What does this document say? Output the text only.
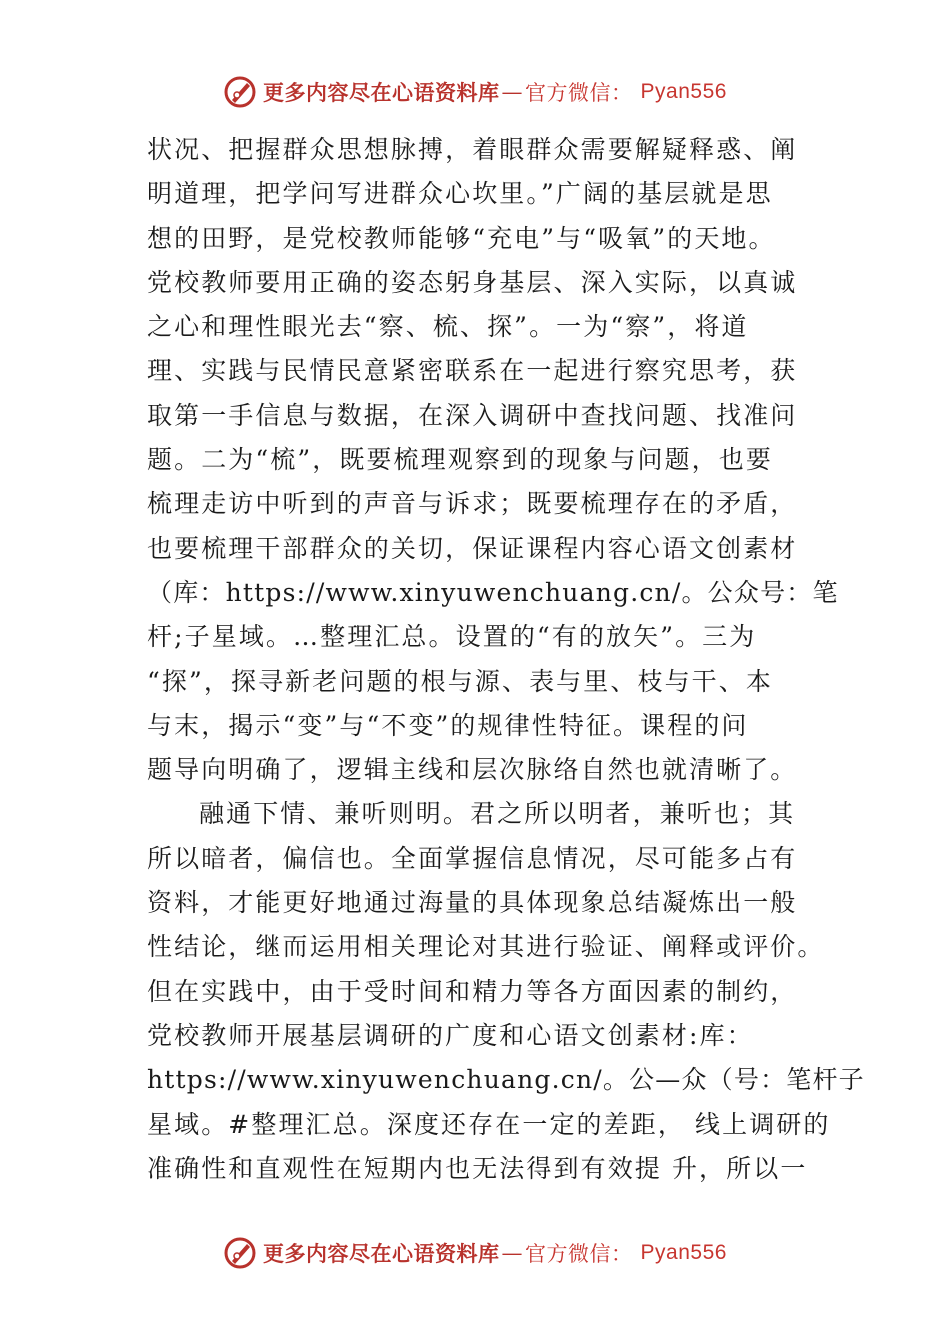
更多内容尽在心语资料库 — 官方微信： Pyan556
状况、把握群众思想脉搏，着眼群众需要解疑释惑、阐
明道理，把学问写进群众心坎里。”广阔的基层就是思
想的田野，是党校教师能够“充电”与“吸氧”的天地。
党校教师要用正确的姿态躬身基层、深入实际，以真诚
之心和理性眼光去“察、梳、探”。一为“察”，将道
理、实践与民情民意紧密联系在一起进行察究思考，获
取第一手信息与数据，在深入调研中查找问题、找准问
题。二为“梳”，既要梳理观察到的现象与问题，也要
梳理走访中听到的声音与诉求；既要梳理存在的矛盾，
也要梳理干部群众的关切，保证课程内容心语文创素材
（库：https://www.xinyuwenchuang.cn/。公众号：笔
杆;子星域。…整理汇总。设置的“有的放矢”。三为
“探”，探寻新老问题的根与源、表与里、枝与干、本
与末，揭示“变”与“不变”的规律性特征。课程的问
题导向明确了，逻辑主线和层次脉络自然也就清晰了。
融通下情、兼听则明。君之所以明者，兼听也；其
所以暗者，偏信也。全面掌握信息情况，尽可能多占有
资料，才能更好地通过海量的具体现象总结凝炼出一般
性结论，继而运用相关理论对其进行验证、阐释或评价。
但在实践中，由于受时间和精力等各方面因素的制约，
党校教师开展基层调研的广度和心语文创素材:库：
https://www.xinyuwenchuang.cn/。公—众（号：笔杆子
星域。#整理汇总。深度还存在一定的差距， 线上调研的
准确性和直观性在短期内也无法得到有效提 升，所以一
更多内容尽在心语资料库 — 官方微信： Pyan556
